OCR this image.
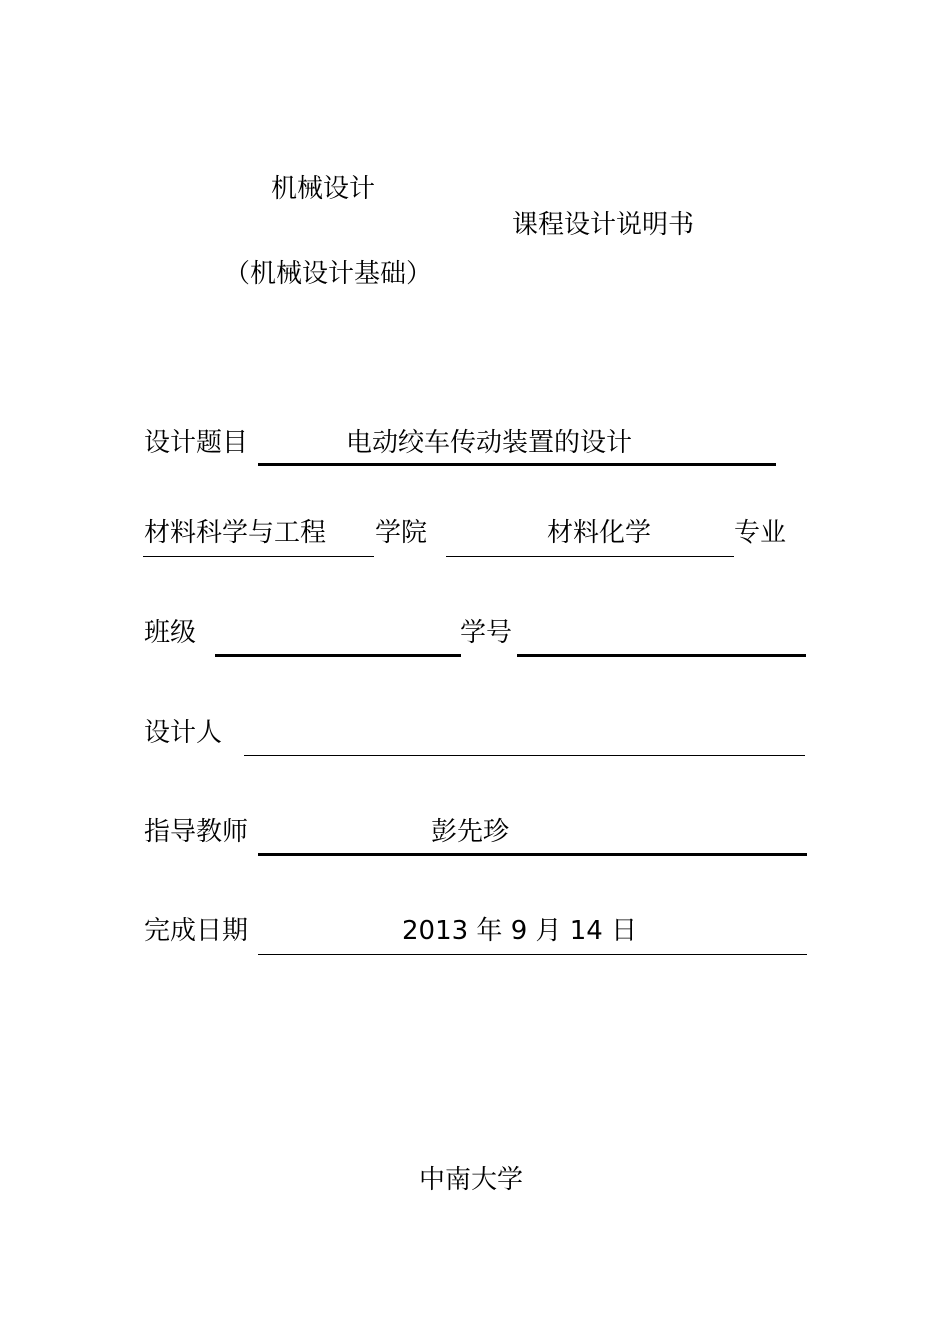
机械设计
课程设计说明书
（机械设计基础）
设计题目	电动绞车传动装置的设计
材料科学与工程 学院	材料化学	专业
班级	学号
设计人
指导教师	彭先珍
完成日期	2013 年 9 月 14 日
中南大学
